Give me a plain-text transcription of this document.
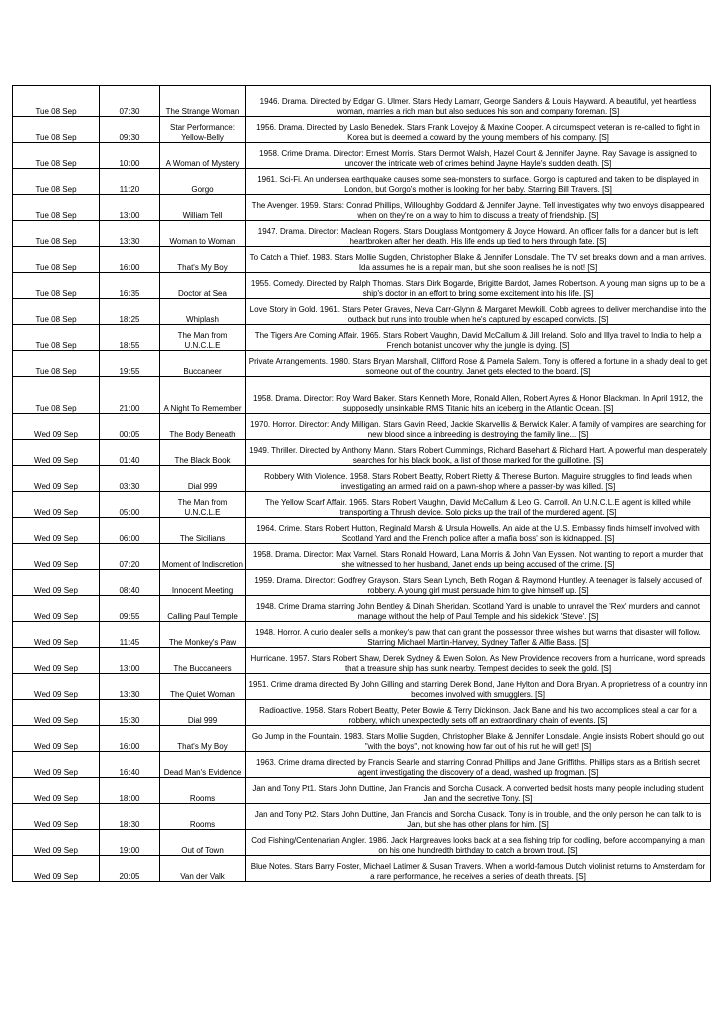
Tue 08 Sep	07:30	The Strange Woman	1946. Drama. Directed by Edgar G. Ulmer. Stars Hedy Lamarr, George Sanders & Louis Hayward. A beautiful, yet heartless woman, marries a rich man but also seduces his son and company foreman. [S]
Tue 08 Sep	09:30	Star Performance: Yellow-Belly	1956. Drama. Directed by Laslo Benedek. Stars Frank Lovejoy & Maxine Cooper. A circumspect veteran is re-called to fight in Korea but is deemed a coward by the young members of his company. [S]
Tue 08 Sep	10:00	A Woman of Mystery	1958. Crime Drama. Director: Ernest Morris. Stars Dermot Walsh, Hazel Court & Jennifer Jayne. Ray Savage is assigned to uncover the intricate web of crimes behind Jayne Hayle's sudden death. [S]
Tue 08 Sep	11:20	Gorgo	1961. Sci-Fi. An undersea earthquake causes some sea-monsters to surface. Gorgo is captured and taken to be displayed in London, but Gorgo's mother is looking for her baby. Starring Bill Travers. [S]
Tue 08 Sep	13:00	William Tell	The Avenger. 1959. Stars: Conrad Phillips, Willoughby Goddard & Jennifer Jayne. Tell investigates why two envoys disappeared when on they're on a way to him to discuss a treaty of friendship. [S]
Tue 08 Sep	13:30	Woman to Woman	1947. Drama. Director: Maclean Rogers. Stars Douglass Montgomery & Joyce Howard. An officer falls for a dancer but is left heartbroken after her death. His life ends up tied to hers through fate. [S]
Tue 08 Sep	16:00	That's My Boy	To Catch a Thief. 1983. Stars Mollie Sugden, Christopher Blake & Jennifer Lonsdale. The TV set breaks down and a man arrives. Ida assumes he is a repair man, but she soon realises he is not! [S]
Tue 08 Sep	16:35	Doctor at Sea	1955. Comedy. Directed by Ralph Thomas. Stars Dirk Bogarde, Brigitte Bardot, James Robertson. A young man signs up to be a ship's doctor in an effort to bring some excitement into his life. [S]
Tue 08 Sep	18:25	Whiplash	Love Story in Gold. 1961. Stars Peter Graves, Neva Carr-Glynn & Margaret Mewkill. Cobb agrees to deliver merchandise into the outback but runs into trouble when he's captured by escaped convicts. [S]
Tue 08 Sep	18:55	The Man from U.N.C.L.E	The Tigers Are Coming Affair. 1965. Stars Robert Vaughn, David McCallum & Jill Ireland. Solo and Illya travel to India to help a French botanist uncover why the jungle is dying. [S]
Tue 08 Sep	19:55	Buccaneer	Private Arrangements. 1980. Stars Bryan Marshall, Clifford Rose & Pamela Salem. Tony is offered a fortune in a shady deal to get someone out of the country. Janet gets elected to the board. [S]
Tue 08 Sep	21:00	A Night To Remember	1958. Drama. Director: Roy Ward Baker. Stars Kenneth More, Ronald Allen, Robert Ayres & Honor Blackman. In April 1912, the supposedly unsinkable RMS Titanic hits an iceberg in the Atlantic Ocean. [S]
Wed 09 Sep	00:05	The Body Beneath	1970. Horror. Director: Andy Milligan. Stars Gavin Reed, Jackie Skarvellis & Berwick Kaler. A family of vampires are searching for new blood since a inbreeding is destroying the family line... [S]
Wed 09 Sep	01:40	The Black Book	1949. Thriller. Directed by Anthony Mann. Stars Robert Cummings, Richard Basehart & Richard Hart. A powerful man desperately searches for his black book, a list of those marked for the guillotine. [S]
Wed 09 Sep	03:30	Dial 999	Robbery With Violence. 1958. Stars Robert Beatty, Robert Rietty & Therese Burton. Maguire struggles to find leads when investigating an armed raid on a pawn-shop where a passer-by was killed. [S]
Wed 09 Sep	05:00	The Man from U.N.C.L.E	The Yellow Scarf Affair. 1965. Stars Robert Vaughn, David McCallum & Leo G. Carroll. An U.N.C.L.E agent is killed while transporting a Thrush device. Solo picks up the trail of the murdered agent. [S]
Wed 09 Sep	06:00	The Sicilians	1964. Crime. Stars Robert Hutton, Reginald Marsh & Ursula Howells. An aide at the U.S. Embassy finds himself involved with Scotland Yard and the French police after a mafia boss' son is kidnapped. [S]
Wed 09 Sep	07:20	Moment of Indiscretion	1958. Drama. Director: Max Varnel. Stars Ronald Howard, Lana Morris & John Van Eyssen. Not wanting to report a murder that she witnessed to her husband, Janet ends up being accused of the crime. [S]
Wed 09 Sep	08:40	Innocent Meeting	1959. Drama. Director: Godfrey Grayson. Stars Sean Lynch, Beth Rogan & Raymond Huntley. A teenager is falsely accused of robbery. A young girl must persuade him to give himself up. [S]
Wed 09 Sep	09:55	Calling Paul Temple	1948. Crime Drama starring John Bentley & Dinah Sheridan. Scotland Yard is unable to unravel the 'Rex' murders and cannot manage without the help of Paul Temple and his sidekick 'Steve'. [S]
Wed 09 Sep	11:45	The Monkey's Paw	1948. Horror. A curio dealer sells a monkey's paw that can grant the possessor three wishes but warns that disaster will follow. Starring Michael Martin-Harvey, Sydney Tafler & Alfie Bass. [S]
Wed 09 Sep	13:00	The Buccaneers	Hurricane. 1957. Stars Robert Shaw, Derek Sydney & Ewen Solon. As New Providence recovers from a hurricane, word spreads that a treasure ship has sunk nearby. Tempest decides to seek the gold. [S]
Wed 09 Sep	13:30	The Quiet Woman	1951. Crime drama directed By John Gilling and starring Derek Bond, Jane Hylton and Dora Bryan. A proprietress of a country inn becomes involved with smugglers. [S]
Wed 09 Sep	15:30	Dial 999	Radioactive. 1958. Stars Robert Beatty, Peter Bowie & Terry Dickinson. Jack Bane and his two accomplices steal a car for a robbery, which unexpectedly sets off an extraordinary chain of events. [S]
Wed 09 Sep	16:00	That's My Boy	Go Jump in the Fountain. 1983. Stars Mollie Sugden, Christopher Blake & Jennifer Lonsdale. Angie insists Robert should go out "with the boys", not knowing how far out of his rut he will get! [S]
Wed 09 Sep	16:40	Dead Man's Evidence	1963. Crime drama directed by Francis Searle and starring Conrad Phillips and Jane Griffiths. Phillips stars as a British secret agent investigating the discovery of a dead, washed up frogman. [S]
Wed 09 Sep	18:00	Rooms	Jan and Tony Pt1. Stars John Duttine, Jan Francis and Sorcha Cusack. A converted bedsit hosts many people including student Jan and the secretive Tony. [S]
Wed 09 Sep	18:30	Rooms	Jan and Tony Pt2. Stars John Duttine, Jan Francis and Sorcha Cusack. Tony is in trouble, and the only person he can talk to is Jan, but she has other plans for him. [S]
Wed 09 Sep	19:00	Out of Town	Cod Fishing/Centenarian Angler. 1986. Jack Hargreaves looks back at a sea fishing trip for codling, before accompanying a man on his one hundredth birthday to catch a brown trout. [S]
Wed 09 Sep	20:05	Van der Valk	Blue Notes. Stars Barry Foster, Michael Latimer & Susan Travers. When a world-famous Dutch violinist returns to Amsterdam for a rare performance, he receives a series of death threats. [S]
